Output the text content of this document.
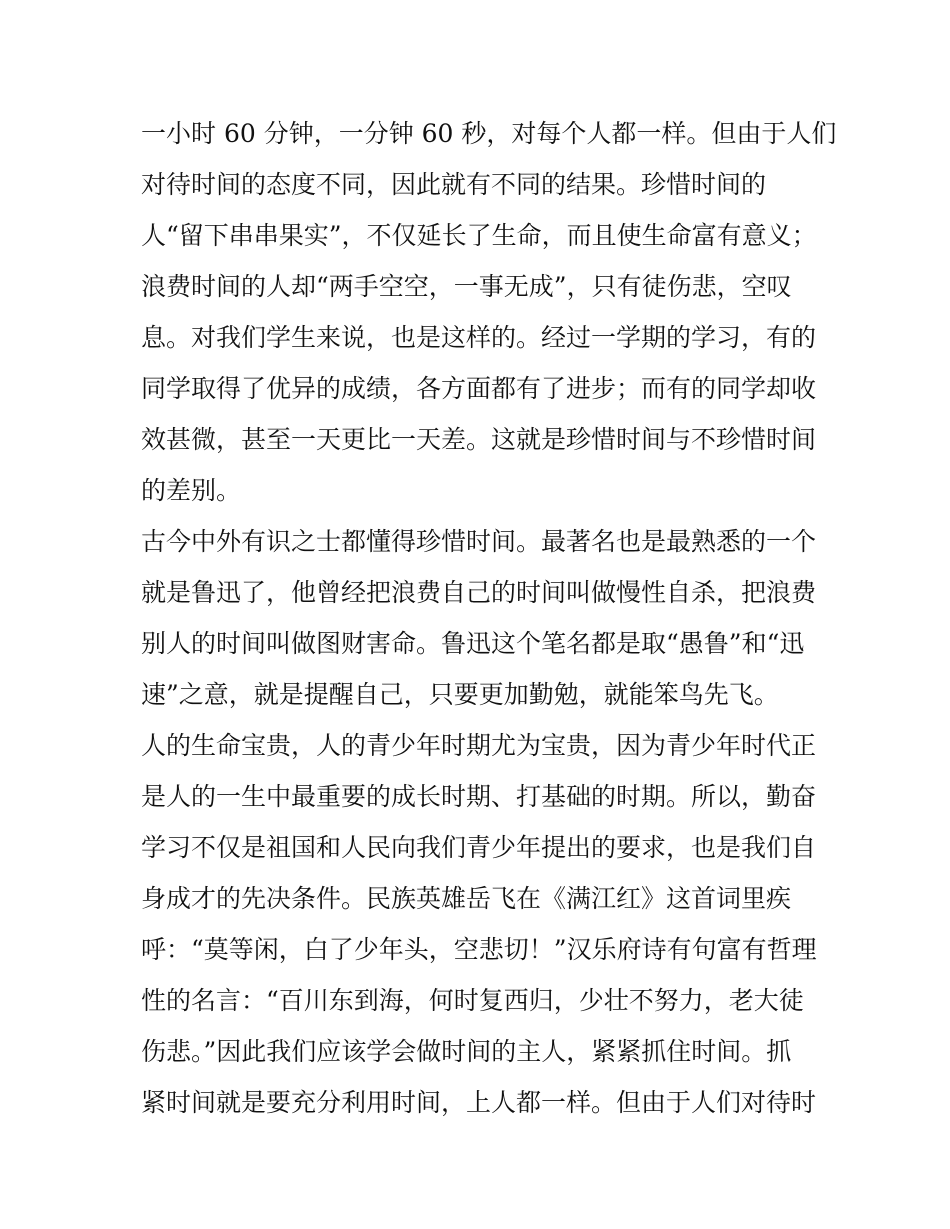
一小时 60 分钟，一分钟 60 秒，对每个人都一样。但由于人们
对待时间的态度不同，因此就有不同的结果。珍惜时间的
人“留下串串果实”，不仅延长了生命，而且使生命富有意义；
浪费时间的人却“两手空空，一事无成”，只有徒伤悲，空叹
息。对我们学生来说，也是这样的。经过一学期的学习，有的
同学取得了优异的成绩，各方面都有了进步；而有的同学却收
效甚微，甚至一天更比一天差。这就是珍惜时间与不珍惜时间
的差别。
古今中外有识之士都懂得珍惜时间。最著名也是最熟悉的一个
就是鲁迅了，他曾经把浪费自己的时间叫做慢性自杀，把浪费
别人的时间叫做图财害命。鲁迅这个笔名都是取“愚鲁”和“迅
速”之意，就是提醒自己，只要更加勤勉，就能笨鸟先飞。
人的生命宝贵，人的青少年时期尤为宝贵，因为青少年时代正
是人的一生中最重要的成长时期、打基础的时期。所以，勤奋
学习不仅是祖国和人民向我们青少年提出的要求，也是我们自
身成才的先决条件。民族英雄岳飞在《满江红》这首词里疾
呼：“莫等闲，白了少年头，空悲切！”汉乐府诗有句富有哲理
性的名言：“百川东到海，何时复西归，少壮不努力，老大徒
伤悲。”因此我们应该学会做时间的主人，紧紧抓住时间。抓
紧时间就是要充分利用时间，上人都一样。但由于人们对待时
